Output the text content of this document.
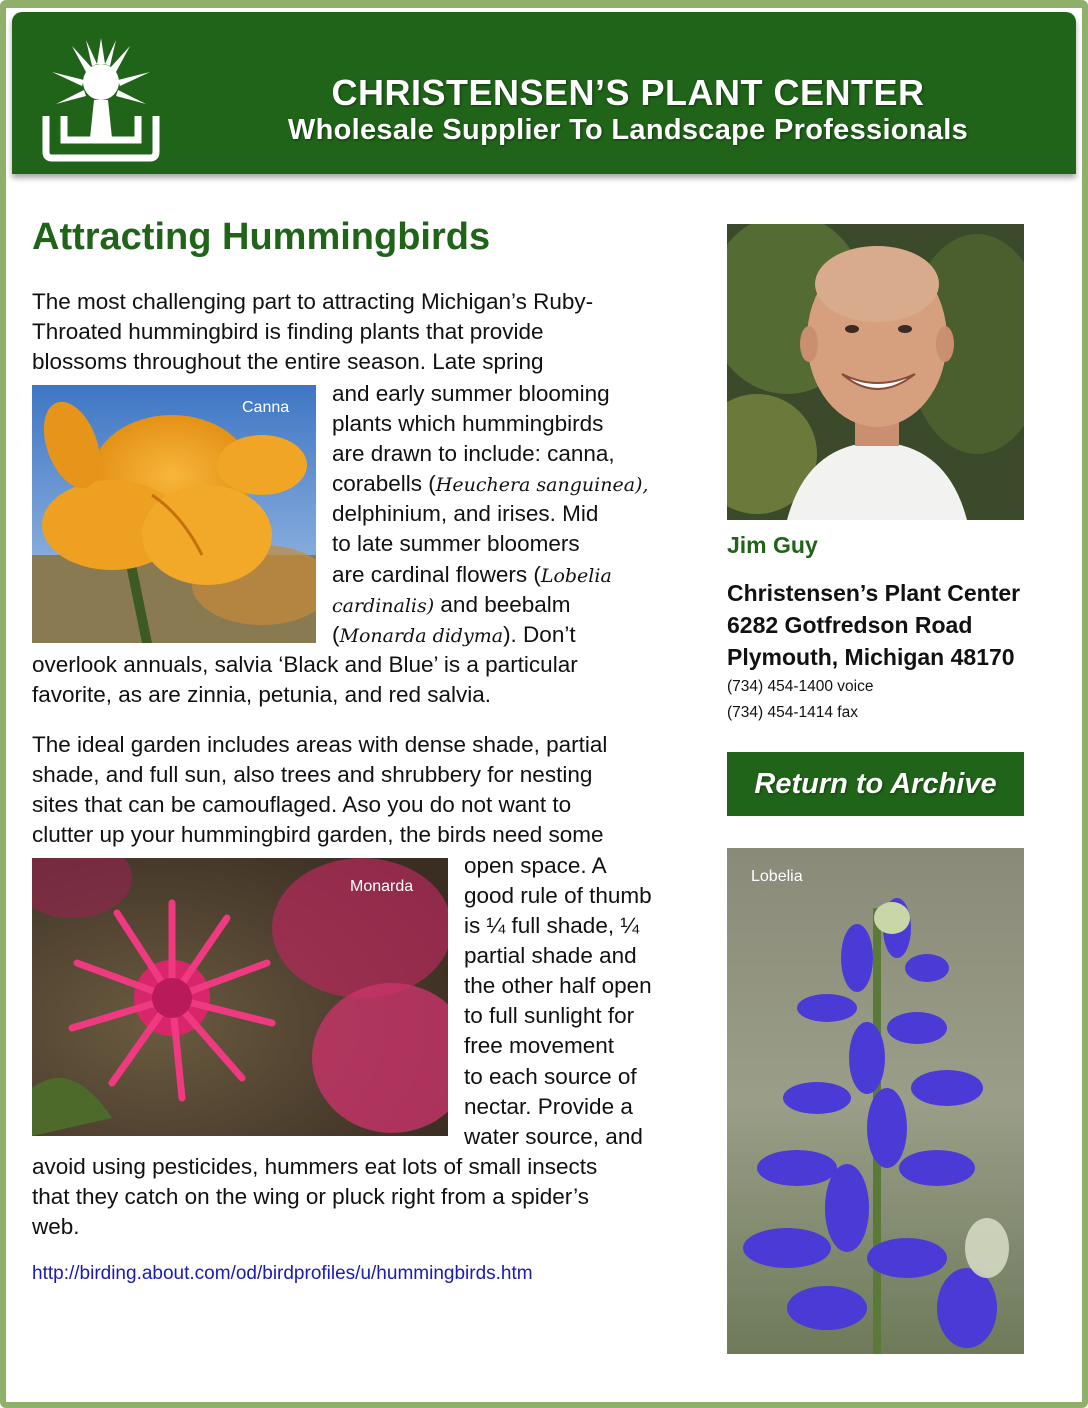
CHRISTENSEN’S PLANT CENTER
Wholesale Supplier To Landscape Professionals
Attracting Hummingbirds
The most challenging part to attracting Michigan’s Ruby-
Throated hummingbird is finding plants that provide
blossoms throughout the entire season. Late spring
and early summer blooming
plants which hummingbirds
are drawn to include: canna,
corabells (Heuchera sanguinea),
delphinium, and irises. Mid
to late summer bloomers
are cardinal flowers (Lobelia
cardinalis) and beebalm
(Monarda didyma). Don’t
overlook annuals, salvia ‘Black and Blue’ is a particular
favorite, as are zinnia, petunia, and red salvia.
Canna
The ideal garden includes areas with dense shade, partial
shade, and full sun, also trees and shrubbery for nesting
sites that can be camouflaged. Aso you do not want to
clutter up your hummingbird garden, the birds need some
open space. A
good rule of thumb
is ¼ full shade, ¼
partial shade and
the other half open
to full sunlight for
free movement
to each source of
nectar. Provide a
water source, and
avoid using pesticides, hummers eat lots of small insects
that they catch on the wing or pluck right from a spider’s
web.
Monarda
http://birding.about.com/od/birdprofiles/u/hummingbirds.htm
Jim Guy
Christensen’s Plant Center
6282 Gotfredson Road
Plymouth, Michigan 48170
(734) 454-1400 voice
(734) 454-1414 fax
Return to Archive
Lobelia
